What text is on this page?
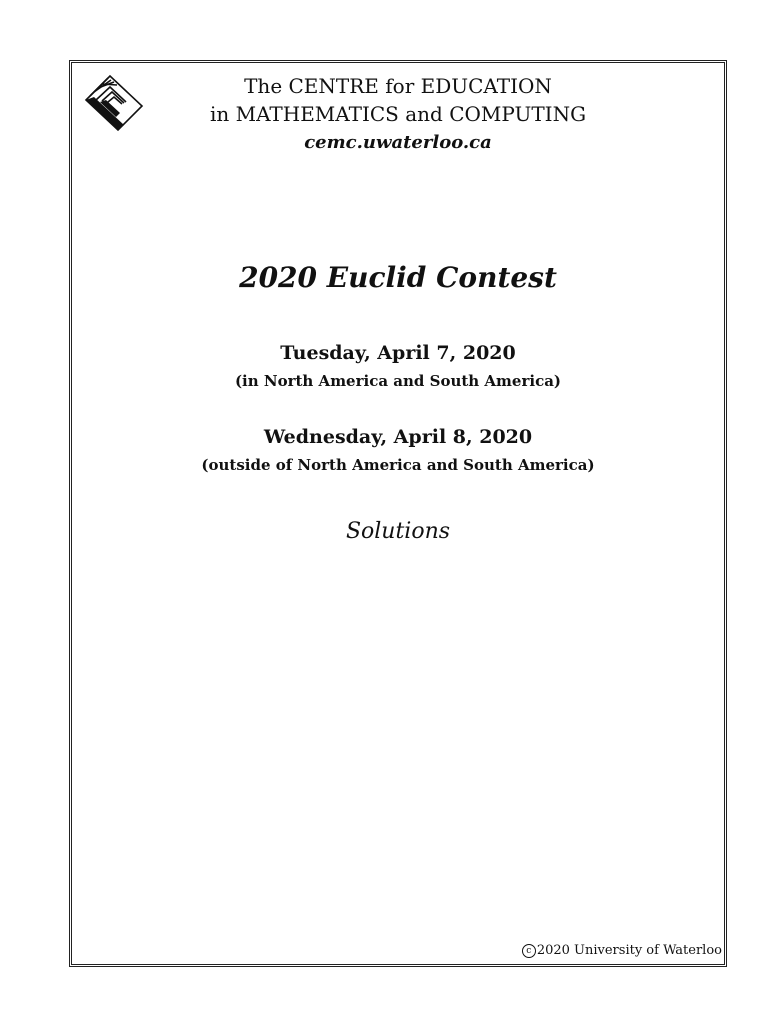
The CENTRE for EDUCATION
in MATHEMATICS and COMPUTING
cemc.uwaterloo.ca
2020 Euclid Contest
Tuesday, April 7, 2020
(in North America and South America)
Wednesday, April 8, 2020
(outside of North America and South America)
Solutions
c 2020 University of Waterloo
